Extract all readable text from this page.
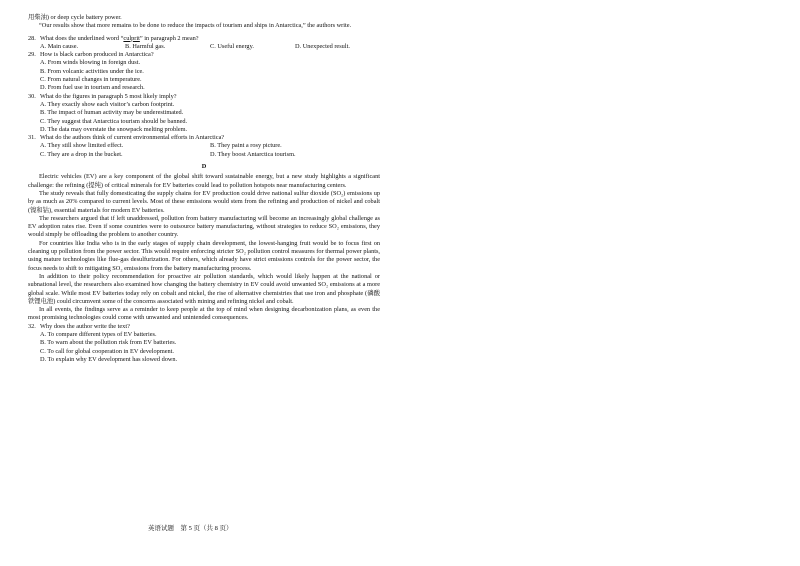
用柴油) or deep cycle battery power.

“Our results show that more remains to be done to reduce the impacts of tourism and ships in Antarctica,” the authors write.

28. What does the underlined word “culprit” in paragraph 2 mean?
A. Main cause.	B. Harmful gas.	C. Useful energy.	D. Unexpected result.
29. How is black carbon produced in Antarctica?
A. From winds blowing in foreign dust.
B. From volcanic activities under the ice.
C. From natural changes in temperature.
D. From fuel use in tourism and research.
30. What do the figures in paragraph 5 most likely imply?
A. They exactly show each visitor’s carbon footprint.
B. The impact of human activity may be underestimated.
C. They suggest that Antarctica tourism should be banned.
D. The data may overstate the snowpack melting problem.
31. What do the authors think of current environmental efforts in Antarctica?
A. They still show limited effect.	B. They paint a rosy picture.
C. They are a drop in the bucket.	D. They boost Antarctica tourism.
D

Electric vehicles (EV) are a key component of the global shift toward sustainable energy, but a new study highlights a significant challenge: the refining (提纯) of critical minerals for EV batteries could lead to pollution hotspots near manufacturing centers.

The study reveals that fully domesticating the supply chains for EV production could drive national sulfur dioxide (SO₂) emissions up by as much as 20% compared to current levels. Most of these emissions would stem from the refining and production of nickel and cobalt (镍和钴), essential materials for modern EV batteries.

The researchers argued that if left unaddressed, pollution from battery manufacturing will become an increasingly global challenge as EV adoption rates rise. Even if some countries were to outsource battery manufacturing, without strategies to reduce SO₂ emissions, they would simply be offloading the problem to another country.

For countries like India who is in the early stages of supply chain development, the lowest-hanging fruit would be to focus first on cleaning up pollution from the power sector. This would require enforcing stricter SO₂ pollution control measures for thermal power plants, using mature technologies like flue-gas desulfurization. For others, which already have strict emissions controls for the power sector, the focus needs to shift to mitigating SO₂ emissions from the battery manufacturing process.

In addition to their policy recommendation for proactive air pollution standards, which would likely happen at the national or subnational level, the researchers also examined how changing the battery chemistry in EV could avoid unwanted SO₂ emissions at a more global scale. While most EV batteries today rely on cobalt and nickel, the rise of alternative chemistries that use iron and phosphate (磷酸铁锂电池) could circumvent some of the concerns associated with mining and refining nickel and cobalt.

In all events, the findings serve as a reminder to keep people at the top of mind when designing decarbonization plans, as even the most promising technologies could come with unwanted and unintended consequences.

32. Why does the author write the text?
A. To compare different types of EV batteries.
B. To warn about the pollution risk from EV batteries.
C. To call for global cooperation in EV development.
D. To explain why EV development has slowed down.
英语试题　第 5 页（共 8 页）
